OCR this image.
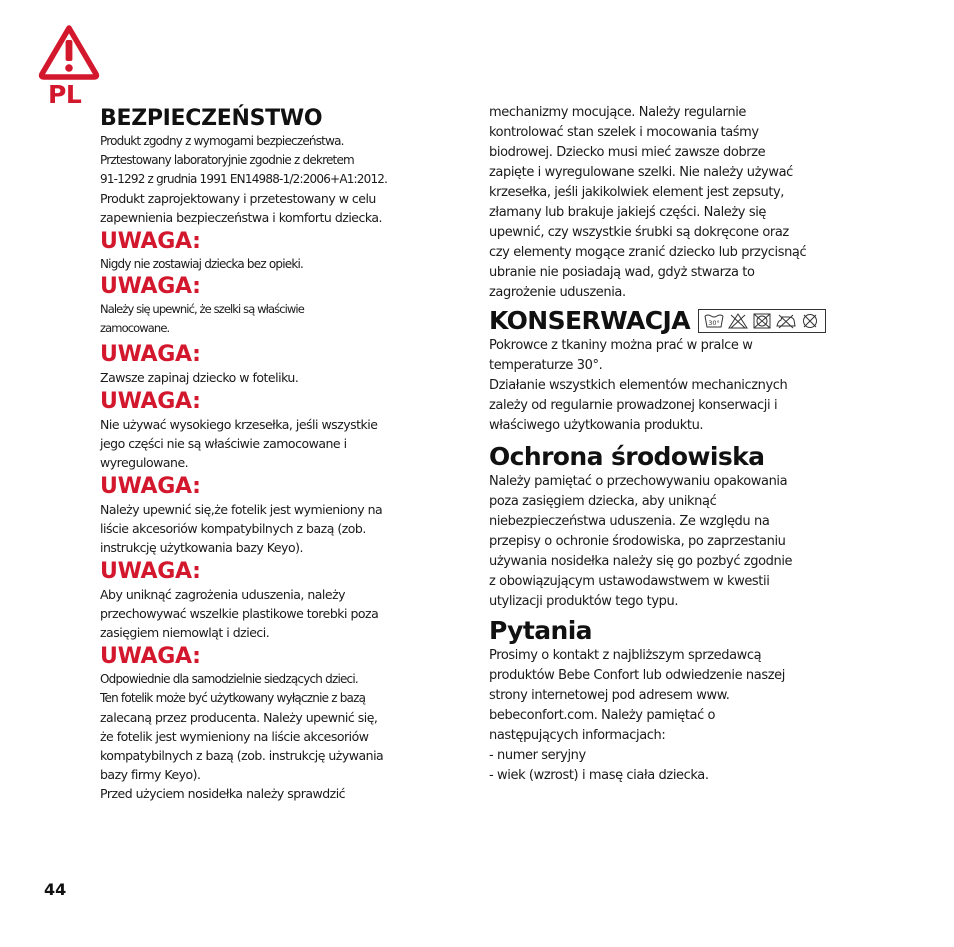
PL
BEZPIECZEŃSTWO

Produkt zgodny z wymogami bezpieczeństwa.

Prztestowany laboratoryjnie zgodnie z dekretem

91-1292 z grudnia 1991 EN14988-1/2:2006+A1:2012.

Produkt zaprojektowany i przetestowany w celu

zapewnienia bezpieczeństwa i komfortu dziecka.

UWAGA:

Nigdy nie zostawiaj dziecka bez opieki.

UWAGA:

Należy się upewnić, że szelki są właściwie

zamocowane.

UWAGA:

Zawsze zapinaj dziecko w foteliku.

UWAGA:

Nie używać wysokiego krzesełka, jeśli wszystkie

jego części nie są właściwie zamocowane i

wyregulowane.

UWAGA:

Należy upewnić się,że fotelik jest wymieniony na

liście akcesoriów kompatybilnych z bazą (zob.

instrukcję użytkowania bazy Keyo).

UWAGA:

Aby uniknąć zagrożenia uduszenia, należy

przechowywać wszelkie plastikowe torebki poza

zasięgiem niemowląt i dzieci.

UWAGA:

Odpowiednie dla samodzielnie siedzących dzieci.

Ten fotelik może być użytkowany wyłącznie z bazą

zalecaną przez producenta. Należy upewnić się,

że fotelik jest wymieniony na liście akcesoriów

kompatybilnych z bazą (zob. instrukcję używania

bazy firmy Keyo).

Przed użyciem nosidełka należy sprawdzić

mechanizmy mocujące. Należy regularnie

kontrolować stan szelek i mocowania taśmy

biodrowej. Dziecko musi mieć zawsze dobrze

zapięte i wyregulowane szelki. Nie należy używać

krzesełka, jeśli jakikolwiek element jest zepsuty,

złamany lub brakuje jakiejś części. Należy się

upewnić, czy wszystkie śrubki są dokręcone oraz

czy elementy mogące zranić dziecko lub przycisnąć

ubranie nie posiadają wad, gdyż stwarza to

zagrożenie uduszenia.

KONSERWACJA	30°

Pokrowce z tkaniny można prać w pralce w

temperaturze 30°.

Działanie wszystkich elementów mechanicznych

zależy od regularnie prowadzonej konserwacji i

właściwego użytkowania produktu.

Ochrona środowiska

Należy pamiętać o przechowywaniu opakowania

poza zasięgiem dziecka, aby uniknąć

niebezpieczeństwa uduszenia. Ze względu na

przepisy o ochronie środowiska, po zaprzestaniu

używania nosidełka należy się go pozbyć zgodnie

z obowiązującym ustawodawstwem w kwestii

utylizacji produktów tego typu.

Pytania

Prosimy o kontakt z najbliższym sprzedawcą

produktów Bebe Confort lub odwiedzenie naszej

strony internetowej pod adresem www.

bebeconfort.com. Należy pamiętać o

następujących informacjach:

- numer seryjny

- wiek (wzrost) i masę ciała dziecka.

44
